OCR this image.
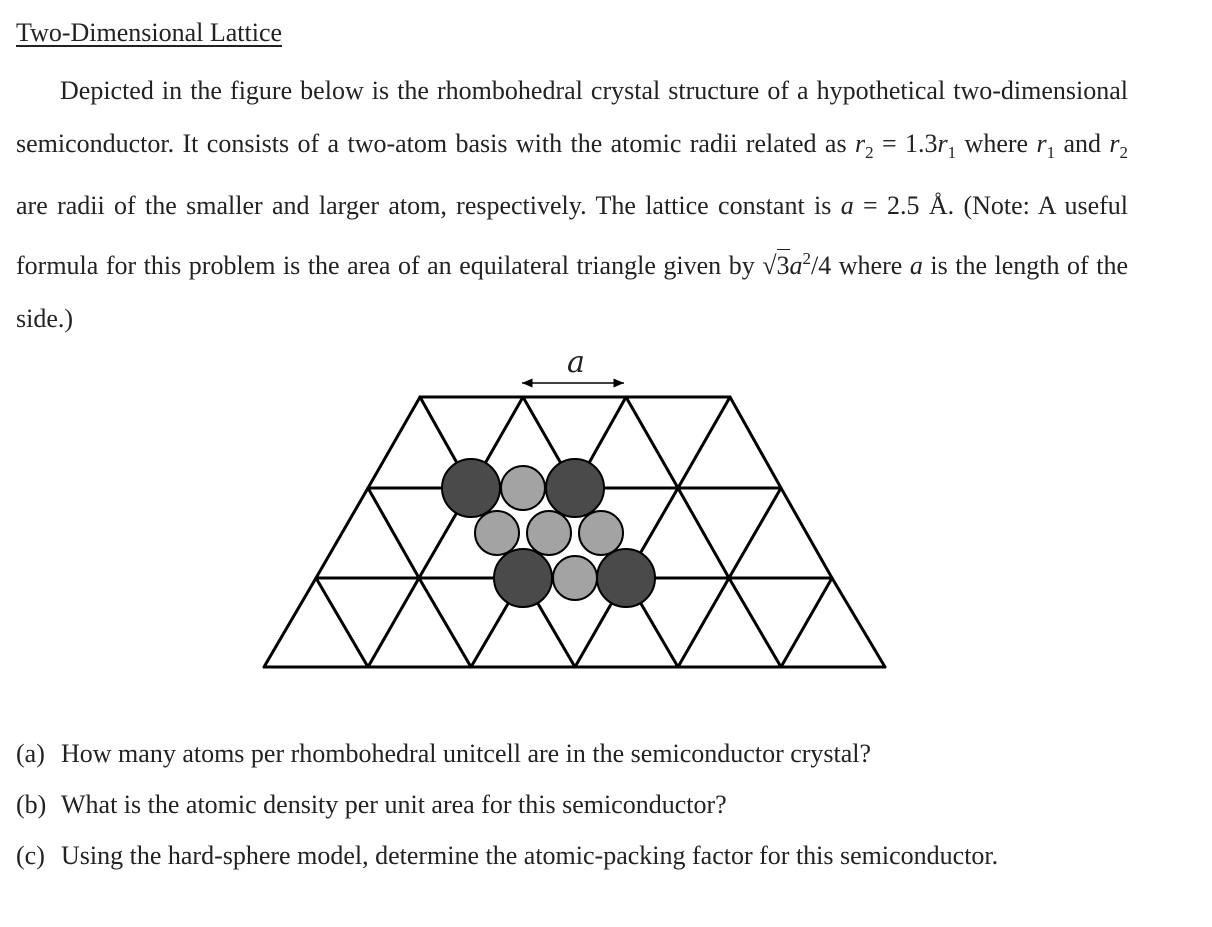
Two-Dimensional Lattice
Depicted in the figure below is the rhombohedral crystal structure of a hypothetical two-dimensional semiconductor. It consists of a two-atom basis with the atomic radii related as $r_2 = 1.3r_1$ where $r_1$ and $r_2$ are radii of the smaller and larger atom, respectively. The lattice constant is a = 2.5 Å. (Note: A useful formula for this problem is the area of an equilateral triangle given by $√3a^2/4$ where a is the length of the side.)
a
(a) How many atoms per rhombohedral unitcell are in the semiconductor crystal?
(b) What is the atomic density per unit area for this semiconductor?
(c) Using the hard-sphere model, determine the atomic-packing factor for this semiconductor.
